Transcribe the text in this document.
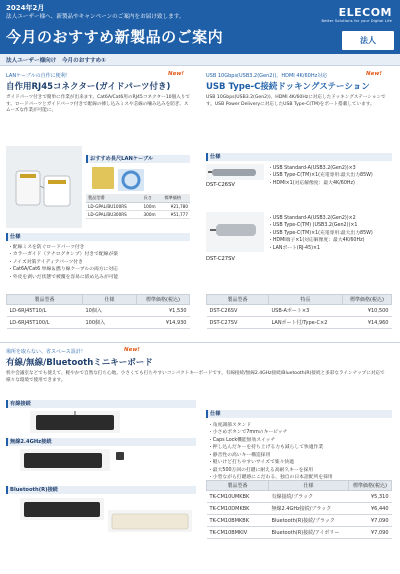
2024年2月
法人ユーザー様へ、新製品やキャンペーンのご案内をお届け致します。
今月のおすすめ新製品のご案内
ELECOM
Better Solutions for your Digital Life
法人
法人ユーザー様向け　今月のおすすめ①
LANケーブルの自作に便利！	New!
自作用RJ45コネクター(ガイドパーツ付き)
ガイドパーツ付きで簡単に作業が出来ます。Cat6A/Cat6用のRJ45コネクター10個入りです。ロードパーツとガイドパーツ付きで配線の挿し込みミスや芯線の噛み込みを防ぎ、スムーズな作業が可能に。
おすすめ長尺LANケーブル
製品型番	長さ	標準価格
LD-GPAL/BU100RS	100m	¥21,780
LD-GPAL/BU300RS	300m	¥51,777
仕様
・配線ミスを防ぐロードパーツ付き
・カラーガイド（アナログタンプ）付きで配線が楽
・ノイズ対策アイディアパーツ付き
・Cat6A/Cat6 単線＆撚り線ケーブルの両方に対応
・外皮を剥いだ状態で被覆を容易に嵌め込みが可能
製品型番	仕様	標準価格(税込)
LD-6RJ45T10/L	10個入	¥1,530
LD-6RJ45T100/L	100個入	¥14,930
USB 10Gbps(USB3.2(Gen2))、HDMI 4K/60Hz対応	New!
USB Type-C接続ドッキングステーション
USB 10Gbps(USB3.2(Gen2))、HDMI 4K/60Hzに対応したドッキングステーションです。USB Power Deliveryに対応したUSB Type-C(TM)をポート搭載しています。
仕様
・USB Standard-A(USB3.2(Gen2))×3
・USB Type-C(TM)×1(充電専用:最大出力85W)
・HDMI×1(対応解像度：最大4K/60Hz)
DST-C26SV
・USB Standard-A(USB3.2(Gen2))×2
・USB Type-C(TM) (USB3.2(Gen2))×1
・USB Type-C(TM)×1(充電専用:最大出力85W)
・HDMI端子×1(対応解像度：最大4K/60Hz)
・LANポート(RJ-45)×1
DST-C27SV
製品型番	特長	標準価格(税込)
DST-C26SV	USB-Aポート×3	¥10,500
DST-C27SV	LANポート付/Type-C×2	¥14,960
場所を取らない、省スペース設計！	New!
有線/無線/Bluetoothミニキーボード
机や会議室などでも使えて、軽やかで自然な打ち心地。小さくても打ちやすいコンパクトキーボードです。有線接続/無線2.4GHz接続/Bluetooth(R)接続と多彩なラインナップに対応で様々な環境で使用できます。
有線接続
無線2.4GHz接続
Bluetooth(R)接続
仕様
・角度調節スタンド
・小さめボタンで7mmのキーピッチ
・Caps Lock機能無効スイッチ
・押し込んだキーを持ち上げる力も減らして快適作業
・静音性の高いキー構造採用
・軽いけど打ちやすいサイズで楽々快適
・最大500万回の打鍵に耐える高耐久キーを採用
・小型ながら打鍵感にこだわる、独自の日本語配列を採用
製品型番	仕様	標準価格(税込)
TK-CM10UMKBK	有線接続/ブラック	¥5,310
TK-CM10DMKBK	無線2.4GHz接続/ブラック	¥6,440
TK-CM10BMKBK	Bluetooth(R)接続/ブラック	¥7,090
TK-CM10BMKIV	Bluetooth(R)接続/アイボリー	¥7,090
